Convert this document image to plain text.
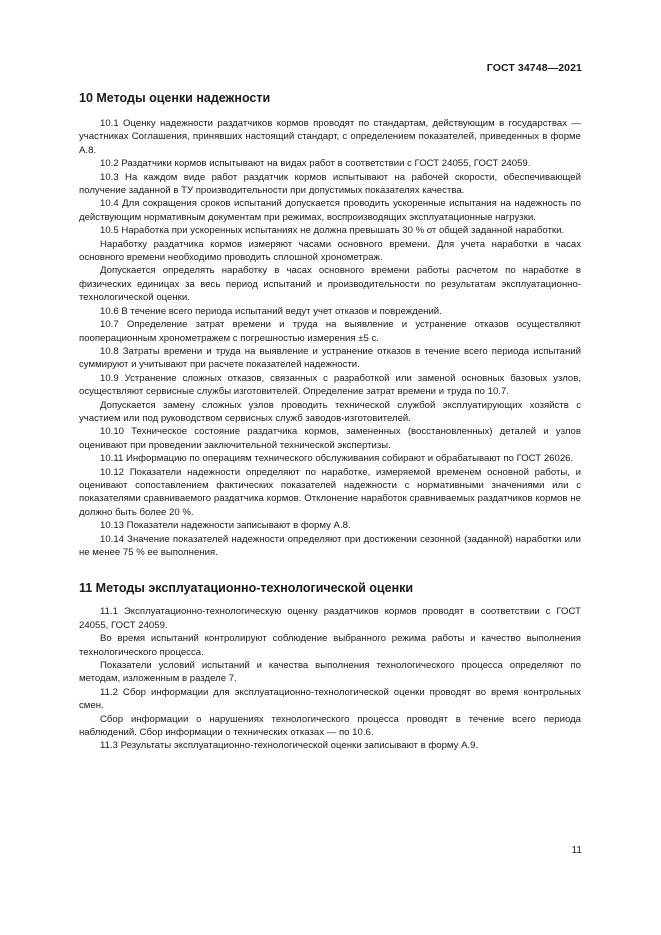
ГОСТ 34748—2021
10 Методы оценки надежности

10.1 Оценку надежности раздатчиков кормов проводят по стандартам, действующим в государствах — участниках Соглашения, принявших настоящий стандарт, с определением показателей, приведенных в форме А.8.

10.2 Раздатчики кормов испытывают на видах работ в соответствии с ГОСТ 24055, ГОСТ 24059.

10.3 На каждом виде работ раздатчик кормов испытывают на рабочей скорости, обеспечивающей получение заданной в ТУ производительности при допустимых показателях качества.

10.4 Для сокращения сроков испытаний допускается проводить ускоренные испытания на надежность по действующим нормативным документам при режимах, воспроизводящих эксплуатационные нагрузки.

10.5 Наработка при ускоренных испытаниях не должна превышать 30 % от общей заданной наработки.

Наработку раздатчика кормов измеряют часами основного времени. Для учета наработки в часах основного времени необходимо проводить сплошной хронометраж.

Допускается определять наработку в часах основного времени работы расчетом по наработке в физических единицах за весь период испытаний и производительности по результатам эксплуатационно-технологической оценки.

10.6 В течение всего периода испытаний ведут учет отказов и повреждений.

10.7 Определение затрат времени и труда на выявление и устранение отказов осуществляют пооперационным хронометражем с погрешностью измерения ±5 с.

10.8 Затраты времени и труда на выявление и устранение отказов в течение всего периода испытаний суммируют и учитывают при расчете показателей надежности.

10.9 Устранение сложных отказов, связанных с разработкой или заменой основных базовых узлов, осуществляют сервисные службы изготовителей. Определение затрат времени и труда по 10.7.

Допускается замену сложных узлов проводить технической службой эксплуатирующих хозяйств с участием или под руководством сервисных служб заводов-изготовителей.

10.10 Техническое состояние раздатчика кормов, замененных (восстановленных) деталей и узлов оценивают при проведении заключительной технической экспертизы.

10.11 Информацию по операциям технического обслуживания собирают и обрабатывают по ГОСТ 26026.

10.12 Показатели надежности определяют по наработке, измеряемой временем основной работы, и оценивают сопоставлением фактических показателей надежности с нормативными значениями или с показателями сравниваемого раздатчика кормов. Отклонение наработок сравниваемых раздатчиков кормов не должно быть более 20 %.

10.13 Показатели надежности записывают в форму А.8.

10.14 Значение показателей надежности определяют при достижении сезонной (заданной) наработки или не менее 75 % ее выполнения.

11 Методы эксплуатационно-технологической оценки

11.1 Эксплуатационно-технологическую оценку раздатчиков кормов проводят в соответствии с ГОСТ 24055, ГОСТ 24059.

Во время испытаний контролируют соблюдение выбранного режима работы и качество выполнения технологического процесса.

Показатели условий испытаний и качества выполнения технологического процесса определяют по методам, изложенным в разделе 7.

11.2 Сбор информации для эксплуатационно-технологической оценки проводят во время контрольных смен.

Сбор информации о нарушениях технологического процесса проводят в течение всего периода наблюдений. Сбор информации о технических отказах — по 10.6.

11.3 Результаты эксплуатационно-технологической оценки записывают в форму А.9.

11
